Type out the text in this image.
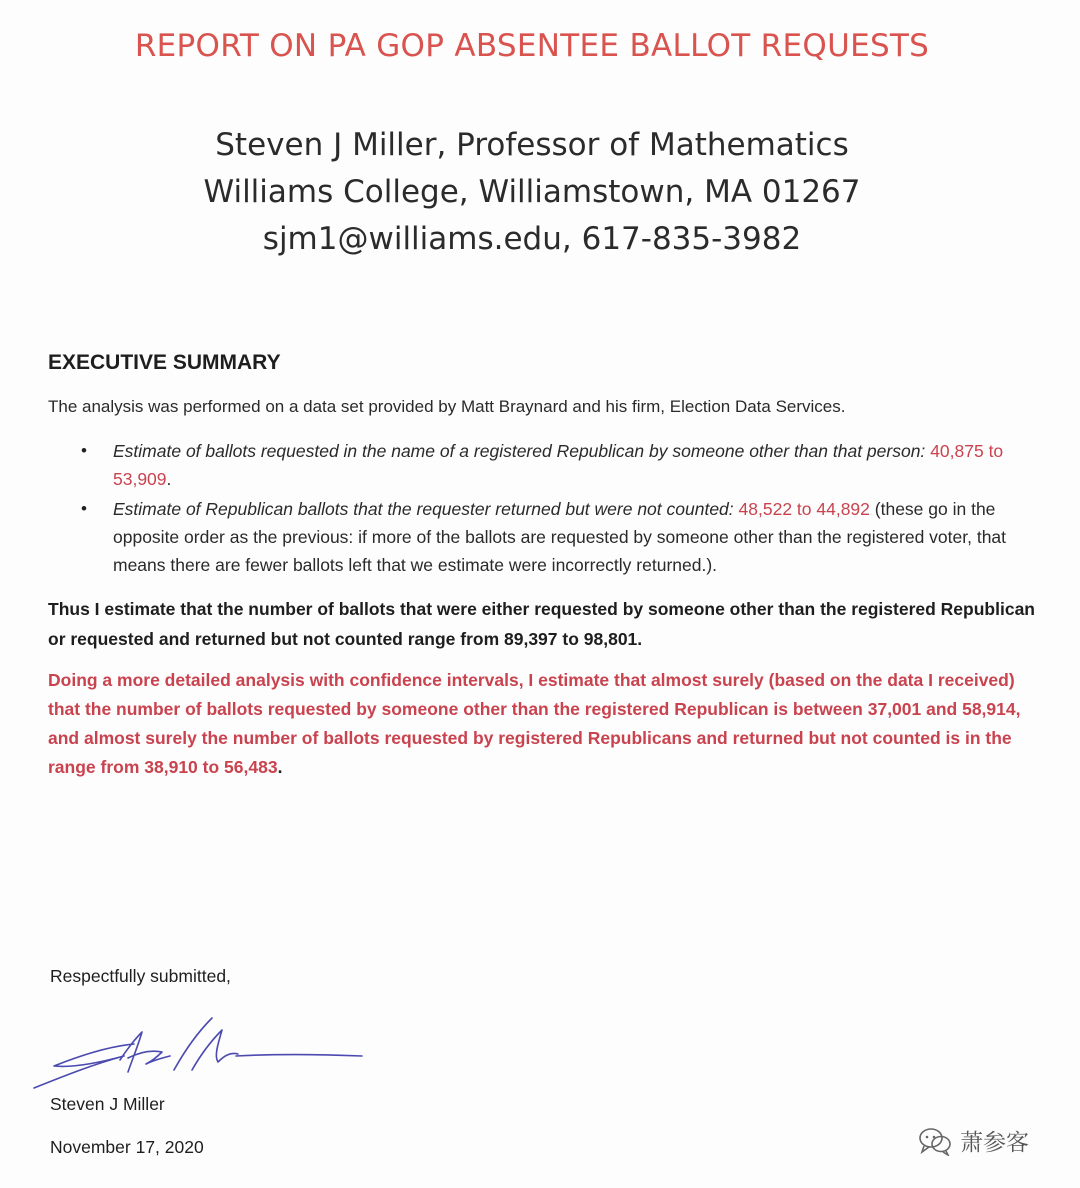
REPORT ON PA GOP ABSENTEE BALLOT REQUESTS
Steven J Miller, Professor of Mathematics
Williams College, Williamstown, MA 01267
sjm1@williams.edu, 617-835-3982
EXECUTIVE SUMMARY
The analysis was performed on a data set provided by Matt Braynard and his firm, Election Data Services.
• Estimate of ballots requested in the name of a registered Republican by someone other than that person: 40,875 to 53,909.
• Estimate of Republican ballots that the requester returned but were not counted: 48,522 to 44,892 (these go in the opposite order as the previous: if more of the ballots are requested by someone other than the registered voter, that means there are fewer ballots left that we estimate were incorrectly returned.).
Thus I estimate that the number of ballots that were either requested by someone other than the registered Republican or requested and returned but not counted range from 89,397 to 98,801.
Doing a more detailed analysis with confidence intervals, I estimate that almost surely (based on the data I received) that the number of ballots requested by someone other than the registered Republican is between 37,001 and 58,914, and almost surely the number of ballots requested by registered Republicans and returned but not counted is in the range from 38,910 to 56,483.
Respectfully submitted,
Steven J Miller
November 17, 2020	萧参客
